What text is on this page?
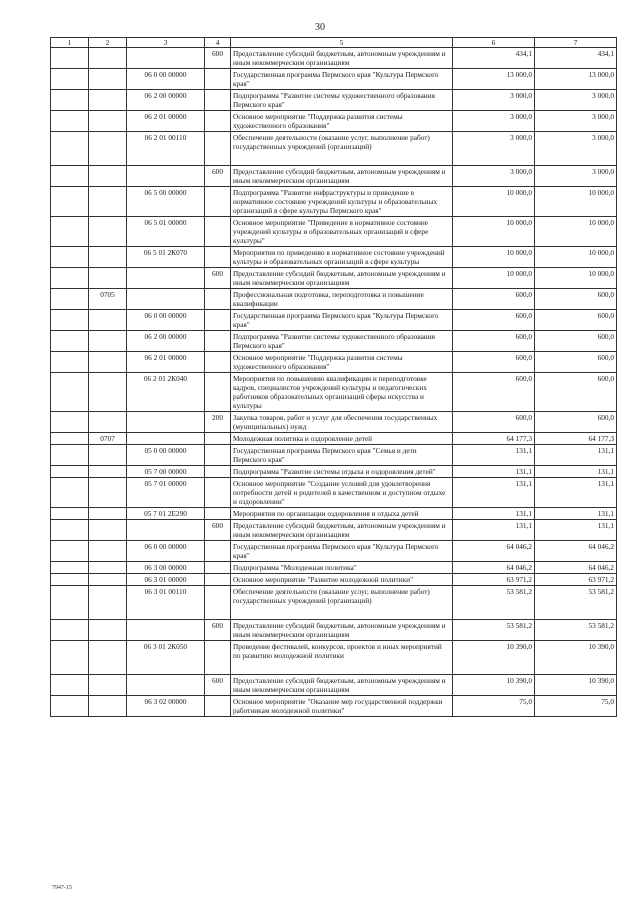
30
1	2	3	4	5	6	7
			600	Предоставление субсидий бюджетным, автономным учреждениям и иным некоммерческим организациям	434,1	434,1
		06 0 00 00000		Государственная программа Пермского края "Культура Пермского края"	13 000,0	13 000,0
		06 2 00 00000		Подпрограмма "Развитие системы художественного образования Пермского края"	3 000,0	3 000,0
		06 2 01 00000		Основное мероприятие "Поддержка развития системы художественного образования"	3 000,0	3 000,0
		06 2 01 00110		Обеспечение деятельности (оказание услуг, выполнение работ) государственных учреждений (организаций)	3 000,0	3 000,0
			600	Предоставление субсидий бюджетным, автономным учреждениям и иным некоммерческим организациям	3 000,0	3 000,0
		06 5 00 00000		Подпрограмма "Развитие инфраструктуры и приведение в нормативное состояние учреждений культуры и образовательных организаций в сфере культуры Пермского края"	10 000,0	10 000,0
		06 5 01 00000		Основное мероприятие "Приведение в нормативное состояние учреждений культуры и образовательных организаций в сфере культуры"	10 000,0	10 000,0
		06 5 01 2К070		Мероприятия по приведению в нормативное состояние учреждений культуры и образовательных организаций в сфере культуры	10 000,0	10 000,0
			600	Предоставление субсидий бюджетным, автономным учреждениям и иным некоммерческим организациям	10 000,0	10 000,0
	0705			Профессиональная подготовка, переподготовка и повышение квалификации	600,0	600,0
		06 0 00 00000		Государственная программа Пермского края "Культура Пермского края"	600,0	600,0
		06 2 00 00000		Подпрограмма "Развитие системы художественного образования Пермского края"	600,0	600,0
		06 2 01 00000		Основное мероприятие "Поддержка развития системы художественного образования"	600,0	600,0
		06 2 01 2К040		Мероприятия по повышению квалификации и переподготовке кадров, специалистов учреждений культуры и педагогических работников образовательных организаций сферы искусства и культуры	600,0	600,0
			200	Закупка товаров, работ и услуг для обеспечения государственных (муниципальных) нужд	600,0	600,0
	0707			Молодежная политика и оздоровление детей	64 177,3	64 177,3
		05 0 00 00000		Государственная программа Пермского края "Семья и дети Пермского края"	131,1	131,1
		05 7 00 00000		Подпрограмма "Развитие системы отдыха и оздоровления детей"	131,1	131,1
		05 7 01 00000		Основное мероприятие "Создание условий для удовлетворения потребности детей и родителей в качественном и доступном отдыхе и оздоровлении"	131,1	131,1
		05 7 01 2Е290		Мероприятия по организации оздоровления и отдыха детей	131,1	131,1
			600	Предоставление субсидий бюджетным, автономным учреждениям и иным некоммерческим организациям	131,1	131,1
		06 0 00 00000		Государственная программа Пермского края "Культура Пермского края"	64 046,2	64 046,2
		06 3 00 00000		Подпрограмма "Молодежная политика"	64 046,2	64 046,2
		06 3 01 00000		Основное мероприятие "Развитие молодежной политики"	63 971,2	63 971,2
		06 3 01 00110		Обеспечение деятельности (оказание услуг, выполнение работ) государственных учреждений (организаций)	53 581,2	53 581,2
			600	Предоставление субсидий бюджетным, автономным учреждениям и иным некоммерческим организациям	53 581,2	53 581,2
		06 3 01 2К050		Проведение фестивалей, конкурсов, проектов и иных мероприятий по развитию молодежной политики	10 390,0	10 390,0
			600	Предоставление субсидий бюджетным, автономным учреждениям и иным некоммерческим организациям	10 390,0	10 390,0
		06 3 02 00000		Основное мероприятие "Оказание мер государственной поддержки работникам молодежной политики"	75,0	75,0
7947-15
